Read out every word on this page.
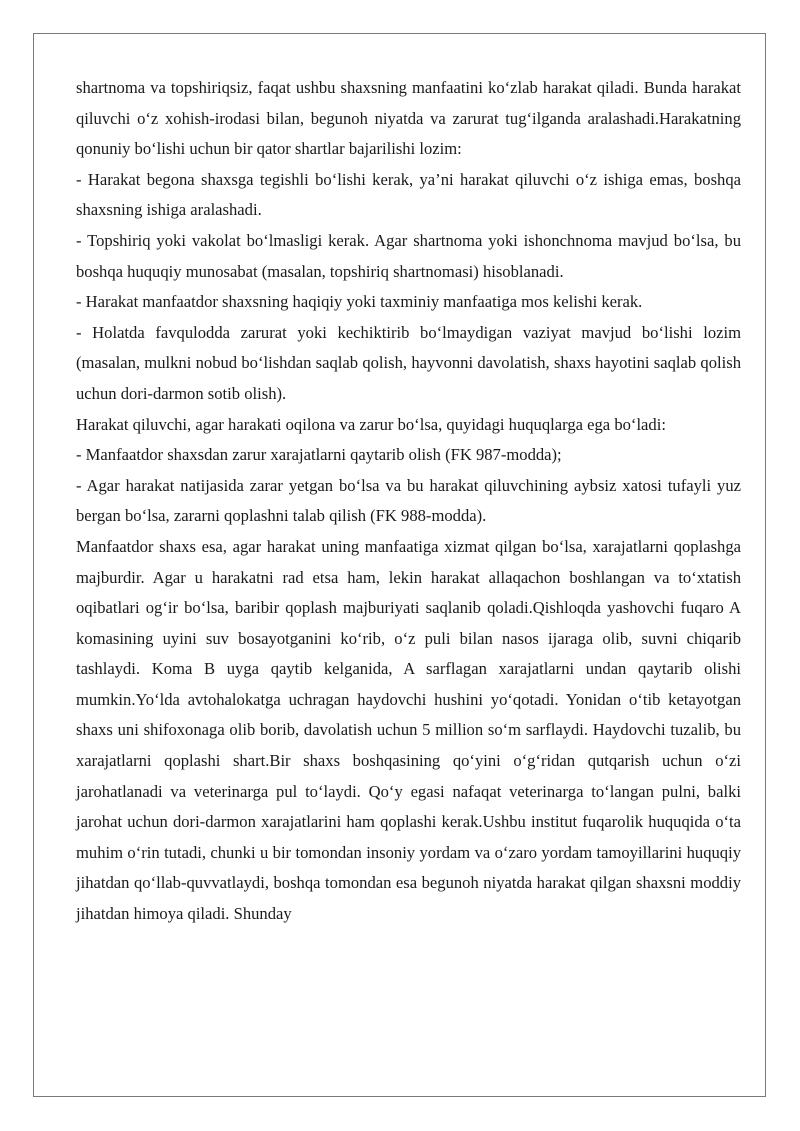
shartnoma va topshiriqsiz, faqat ushbu shaxsning manfaatini ko‘zlab harakat qiladi. Bunda harakat qiluvchi o‘z xohish-irodasi bilan, begunoh niyatda va zarurat tug‘ilganda aralashadi.Harakatning qonuniy bo‘lishi uchun bir qator shartlar bajarilishi lozim:

- Harakat begona shaxsga tegishli bo‘lishi kerak, ya’ni harakat qiluvchi o‘z ishiga emas, boshqa shaxsning ishiga aralashadi.

- Topshiriq yoki vakolat bo‘lmasligi kerak. Agar shartnoma yoki ishonchnoma mavjud bo‘lsa, bu boshqa huquqiy munosabat (masalan, topshiriq shartnomasi) hisoblanadi.

- Harakat manfaatdor shaxsning haqiqiy yoki taxminiy manfaatiga mos kelishi kerak.

- Holatda favqulodda zarurat yoki kechiktirib bo‘lmaydigan vaziyat mavjud bo‘lishi lozim (masalan, mulkni nobud bo‘lishdan saqlab qolish, hayvonni davolatish, shaxs hayotini saqlab qolish uchun dori-darmon sotib olish).

Harakat qiluvchi, agar harakati oqilona va zarur bo‘lsa, quyidagi huquqlarga ega bo‘ladi:

- Manfaatdor shaxsdan zarur xarajatlarni qaytarib olish (FK 987-modda);

- Agar harakat natijasida zarar yetgan bo‘lsa va bu harakat qiluvchining aybsiz xatosi tufayli yuz bergan bo‘lsa, zararni qoplashni talab qilish (FK 988-modda).

Manfaatdor shaxs esa, agar harakat uning manfaatiga xizmat qilgan bo‘lsa, xarajatlarni qoplashga majburdir. Agar u harakatni rad etsa ham, lekin harakat allaqachon boshlangan va to‘xtatish oqibatlari og‘ir bo‘lsa, baribir qoplash majburiyati saqlanib qoladi.Qishloqda yashovchi fuqaro A komasining uyini suv bosayotganini ko‘rib, o‘z puli bilan nasos ijaraga olib, suvni chiqarib tashlaydi. Koma B uyga qaytib kelganida, A sarflagan xarajatlarni undan qaytarib olishi mumkin.Yo‘lda avtohalokatga uchragan haydovchi hushini yo‘qotadi. Yonidan o‘tib ketayotgan shaxs uni shifoxonaga olib borib, davolatish uchun 5 million so‘m sarflaydi. Haydovchi tuzalib, bu xarajatlarni qoplashi shart.Bir shaxs boshqasining qo‘yini o‘g‘ridan qutqarish uchun o‘zi jarohatlanadi va veterinarga pul to‘laydi. Qo‘y egasi nafaqat veterinarga to‘langan pulni, balki jarohat uchun dori-darmon xarajatlarini ham qoplashi kerak.Ushbu institut fuqarolik huquqida o‘ta muhim o‘rin tutadi, chunki u bir tomondan insoniy yordam va o‘zaro yordam tamoyillarini huquqiy jihatdan qo‘llab-quvvatlaydi, boshqa tomondan esa begunoh niyatda harakat qilgan shaxsni moddiy jihatdan himoya qiladi. Shunday
